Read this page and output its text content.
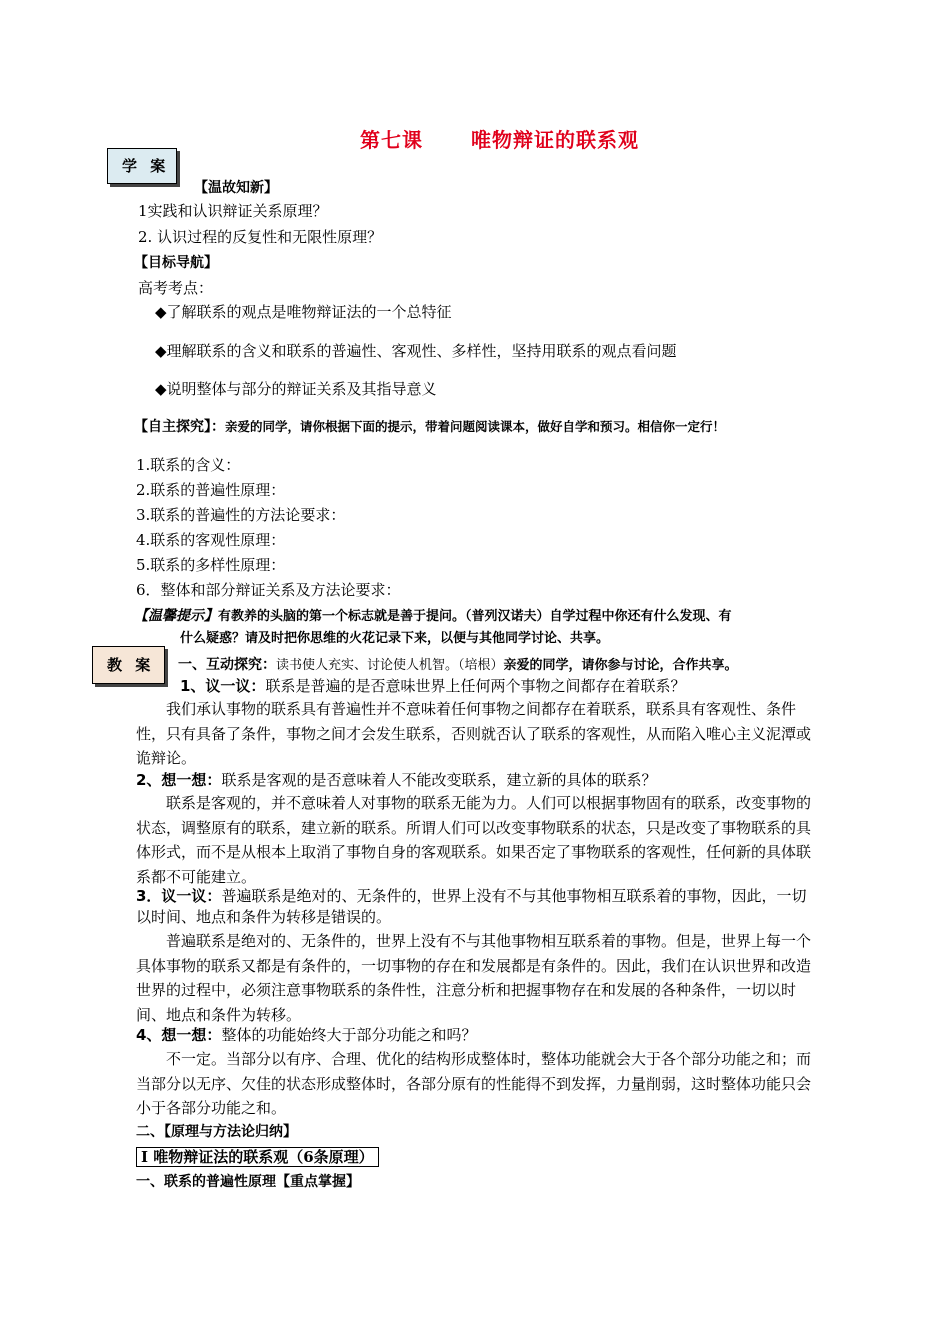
第七课 唯物辩证的联系观
学 案
【温故知新】
1实践和认识辩证关系原理？
2. 认识过程的反复性和无限性原理？
【目标导航】
高考考点：
◆了解联系的观点是唯物辩证法的一个总特征
◆理解联系的含义和联系的普遍性、客观性、多样性，坚持用联系的观点看问题
◆说明整体与部分的辩证关系及其指导意义
【自主探究】：亲爱的同学，请你根据下面的提示，带着问题阅读课本，做好自学和预习。相信你一定行！
1.联系的含义：
2.联系的普遍性原理：
3.联系的普遍性的方法论要求：
4.联系的客观性原理：
5.联系的多样性原理：
6．整体和部分辩证关系及方法论要求：
【温馨提示】有教养的头脑的第一个标志就是善于提问。（普列汉诺夫）自学过程中你还有什么发现、有
什么疑惑？请及时把你思维的火花记录下来，以便与其他同学讨论、共享。
教 案	一、互动探究：读书使人充实、讨论使人机智。（培根）亲爱的同学，请你参与讨论，合作共享。
1、议一议：联系是普遍的是否意味世界上任何两个事物之间都存在着联系？
我们承认事物的联系具有普遍性并不意味着任何事物之间都存在着联系，联系具有客观性、条件性，只有具备了条件，事物之间才会发生联系，否则就否认了联系的客观性，从而陷入唯心主义泥潭或诡辩论。
2、想一想：联系是客观的是否意味着人不能改变联系，建立新的具体的联系？
联系是客观的，并不意味着人对事物的联系无能为力。人们可以根据事物固有的联系，改变事物的状态，调整原有的联系，建立新的联系。所谓人们可以改变事物联系的状态，只是改变了事物联系的具体形式，而不是从根本上取消了事物自身的客观联系。如果否定了事物联系的客观性，任何新的具体联系都不可能建立。
3．议一议：普遍联系是绝对的、无条件的，世界上没有不与其他事物相互联系着的事物，因此，一切以时间、地点和条件为转移是错误的。
普遍联系是绝对的、无条件的，世界上没有不与其他事物相互联系着的事物。但是，世界上每一个具体事物的联系又都是有条件的，一切事物的存在和发展都是有条件的。因此，我们在认识世界和改造世界的过程中，必须注意事物联系的条件性，注意分析和把握事物存在和发展的各种条件，一切以时间、地点和条件为转移。
4、想一想：整体的功能始终大于部分功能之和吗？
不一定。当部分以有序、合理、优化的结构形成整体时，整体功能就会大于各个部分功能之和；而当部分以无序、欠佳的状态形成整体时，各部分原有的性能得不到发挥，力量削弱，这时整体功能只会小于各部分功能之和。
二、【原理与方法论归纳】
Ⅰ 唯物辩证法的联系观（6条原理）
一、联系的普遍性原理【重点掌握】
